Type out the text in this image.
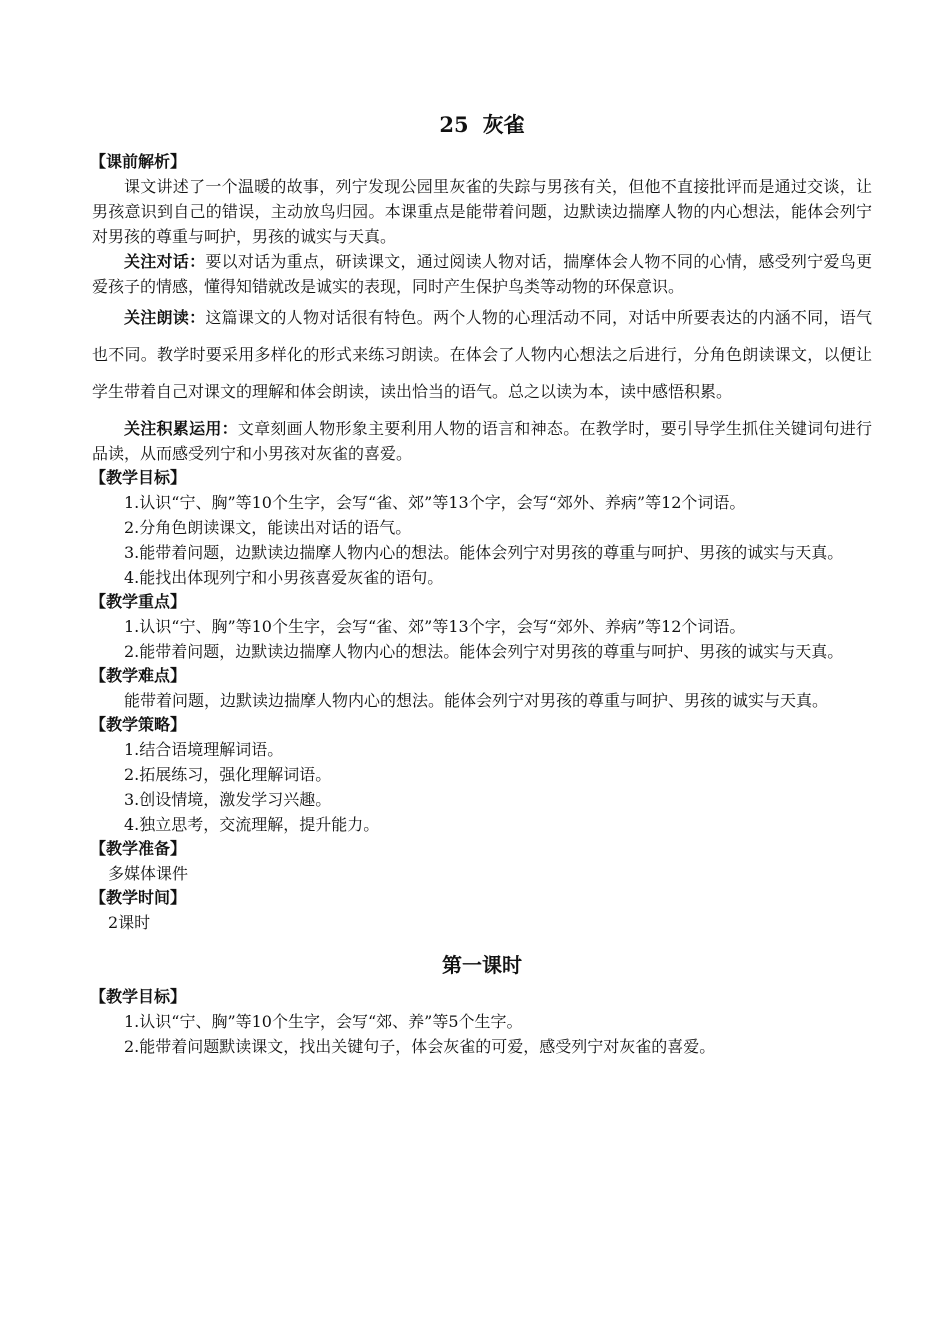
25 灰雀
【课前解析】
课文讲述了一个温暖的故事，列宁发现公园里灰雀的失踪与男孩有关，但他不直接批评而是通过交谈，让男孩意识到自己的错误，主动放鸟归园。本课重点是能带着问题，边默读边揣摩人物的内心想法，能体会列宁对男孩的尊重与呵护，男孩的诚实与天真。
关注对话：要以对话为重点，研读课文，通过阅读人物对话，揣摩体会人物不同的心情，感受列宁爱鸟更爱孩子的情感，懂得知错就改是诚实的表现，同时产生保护鸟类等动物的环保意识。
关注朗读：这篇课文的人物对话很有特色。两个人物的心理活动不同，对话中所要表达的内涵不同，语气也不同。教学时要采用多样化的形式来练习朗读。在体会了人物内心想法之后进行，分角色朗读课文，以便让学生带着自己对课文的理解和体会朗读，读出恰当的语气。总之以读为本，读中感悟积累。
关注积累运用：文章刻画人物形象主要利用人物的语言和神态。在教学时，要引导学生抓住关键词句进行品读，从而感受列宁和小男孩对灰雀的喜爱。
【教学目标】
1.认识“宁、胸”等10个生字，会写“雀、郊”等13个字，会写“郊外、养病”等12个词语。
2.分角色朗读课文，能读出对话的语气。
3.能带着问题，边默读边揣摩人物内心的想法。能体会列宁对男孩的尊重与呵护、男孩的诚实与天真。
4.能找出体现列宁和小男孩喜爱灰雀的语句。
【教学重点】
1.认识“宁、胸”等10个生字，会写“雀、郊”等13个字，会写“郊外、养病”等12个词语。
2.能带着问题，边默读边揣摩人物内心的想法。能体会列宁对男孩的尊重与呵护、男孩的诚实与天真。
【教学难点】
能带着问题，边默读边揣摩人物内心的想法。能体会列宁对男孩的尊重与呵护、男孩的诚实与天真。
【教学策略】
1.结合语境理解词语。
2.拓展练习，强化理解词语。
3.创设情境，激发学习兴趣。
4.独立思考，交流理解，提升能力。
【教学准备】
多媒体课件
【教学时间】
2课时
第一课时
【教学目标】
1.认识“宁、胸”等10个生字，会写“郊、养”等5个生字。
2.能带着问题默读课文，找出关键句子，体会灰雀的可爱，感受列宁对灰雀的喜爱。
